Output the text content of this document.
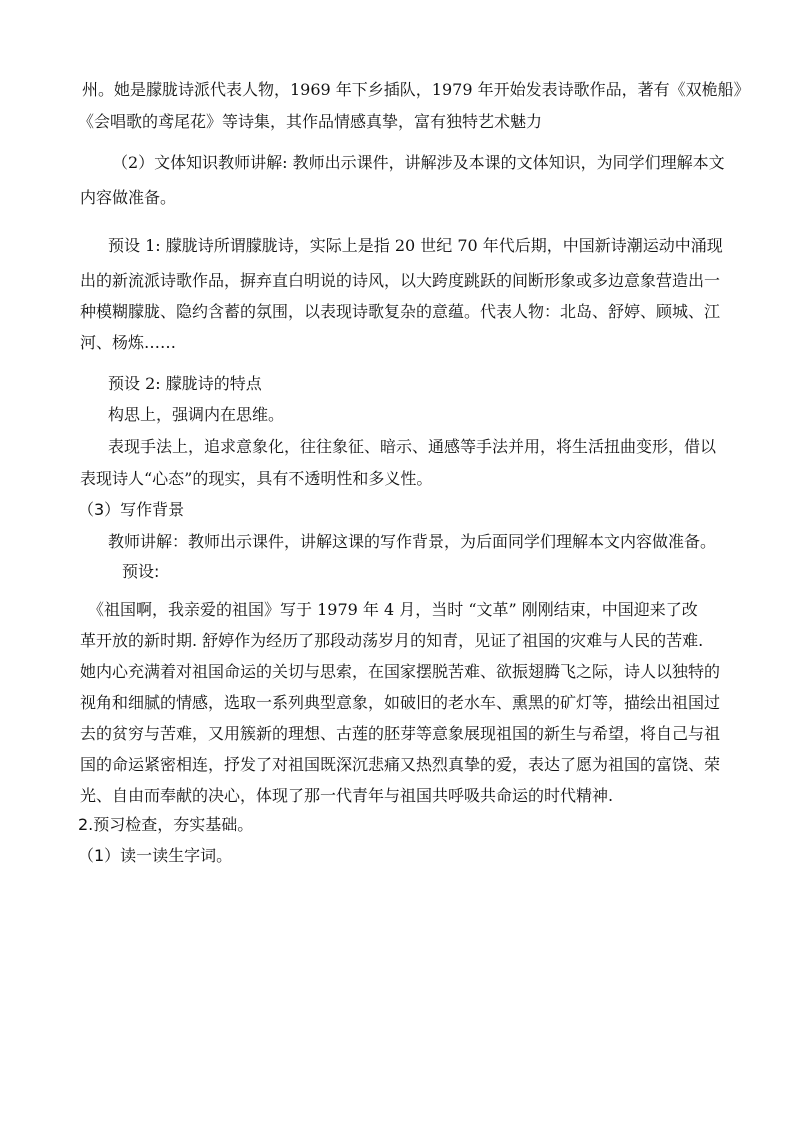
州。她是朦胧诗派代表人物，1969 年下乡插队，1979 年开始发表诗歌作品，著有《双桅船》

《会唱歌的鸢尾花》等诗集，其作品情感真挚，富有独特艺术魅力

（2）文体知识教师讲解: 教师出示课件，讲解涉及本课的文体知识，为同学们理解本文

内容做准备。

预设 1: 朦胧诗所谓朦胧诗，实际上是指 20 世纪 70 年代后期，中国新诗潮运动中涌现

出的新流派诗歌作品，摒弃直白明说的诗风，以大跨度跳跃的间断形象或多边意象营造出一

种模糊朦胧、隐约含蓄的氛围，以表现诗歌复杂的意蕴。代表人物：北岛、舒婷、顾城、江

河、杨炼……

预设 2: 朦胧诗的特点

构思上，强调内在思维。

表现手法上，追求意象化，往往象征、暗示、通感等手法并用，将生活扭曲变形，借以

表现诗人“心态”的现实，具有不透明性和多义性。

（3）写作背景

教师讲解：教师出示课件，讲解这课的写作背景，为后面同学们理解本文内容做准备。

预设:

《祖国啊，我亲爱的祖国》写于 1979 年 4 月，当时 “文革” 刚刚结束，中国迎来了改

革开放的新时期. 舒婷作为经历了那段动荡岁月的知青，见证了祖国的灾难与人民的苦难.

她内心充满着对祖国命运的关切与思索，在国家摆脱苦难、欲振翅腾飞之际，诗人以独特的

视角和细腻的情感，选取一系列典型意象，如破旧的老水车、熏黑的矿灯等，描绘出祖国过

去的贫穷与苦难，又用簇新的理想、古莲的胚芽等意象展现祖国的新生与希望，将自己与祖

国的命运紧密相连，抒发了对祖国既深沉悲痛又热烈真挚的爱，表达了愿为祖国的富饶、荣

光、自由而奉献的决心，体现了那一代青年与祖国共呼吸共命运的时代精神.

2.预习检查，夯实基础。

（1）读一读生字词。
